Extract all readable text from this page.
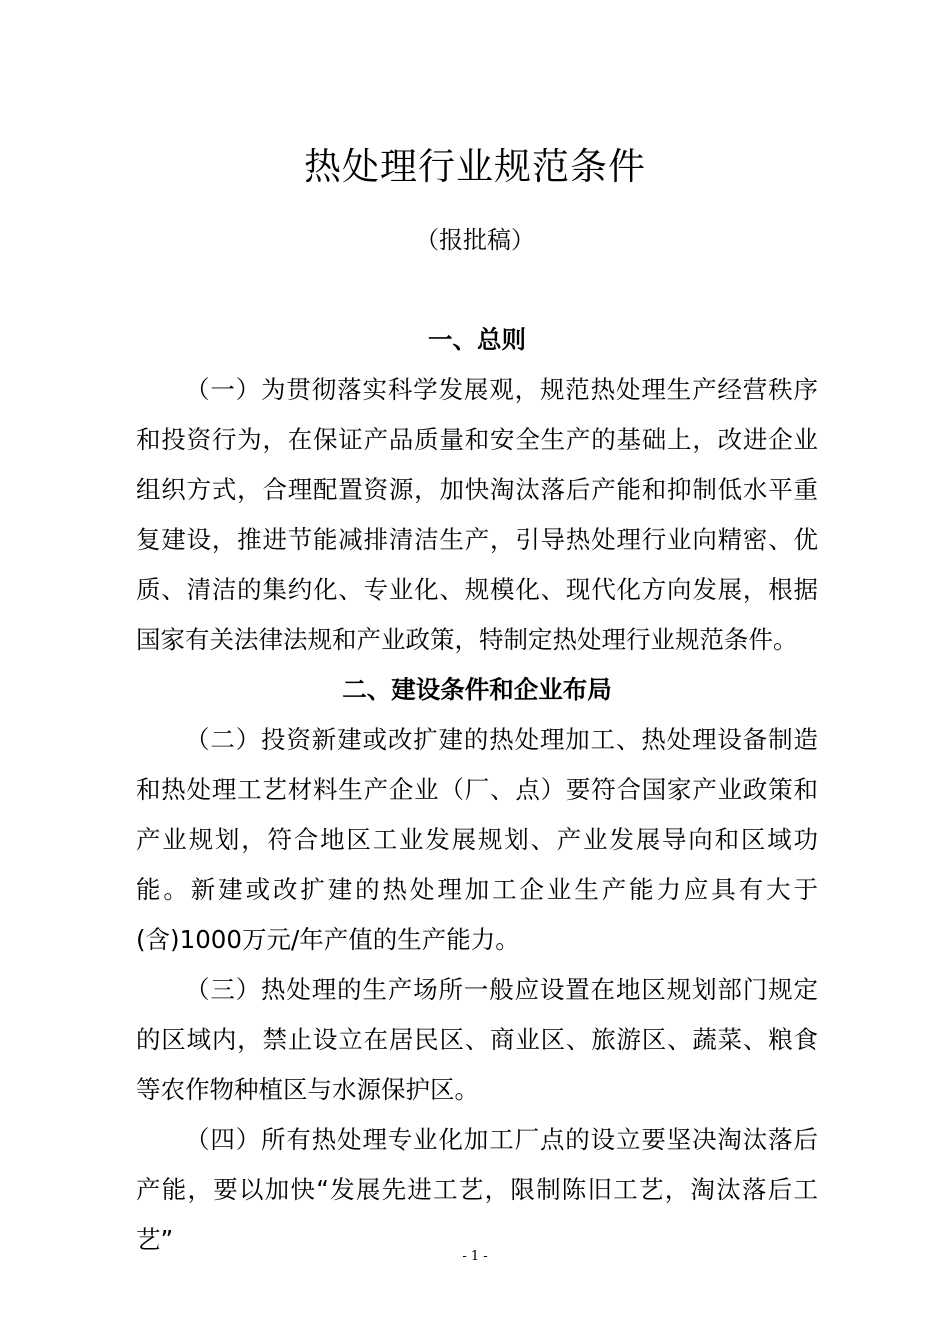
热处理行业规范条件
（报批稿）

一、总则

（一）为贯彻落实科学发展观，规范热处理生产经营秩序和投资行为，在保证产品质量和安全生产的基础上，改进企业组织方式，合理配置资源，加快淘汰落后产能和抑制低水平重复建设，推进节能减排清洁生产，引导热处理行业向精密、优质、清洁的集约化、专业化、规模化、现代化方向发展，根据国家有关法律法规和产业政策，特制定热处理行业规范条件。

二、建设条件和企业布局

（二）投资新建或改扩建的热处理加工、热处理设备制造和热处理工艺材料生产企业（厂、点）要符合国家产业政策和产业规划，符合地区工业发展规划、产业发展导向和区域功能。新建或改扩建的热处理加工企业生产能力应具有大于(含)1000万元/年产值的生产能力。

（三）热处理的生产场所一般应设置在地区规划部门规定的区域内，禁止设立在居民区、商业区、旅游区、蔬菜、粮食等农作物种植区与水源保护区。

（四）所有热处理专业化加工厂点的设立要坚决淘汰落后产能，要以加快“发展先进工艺，限制陈旧工艺，淘汰落后工艺”

- 1 -
